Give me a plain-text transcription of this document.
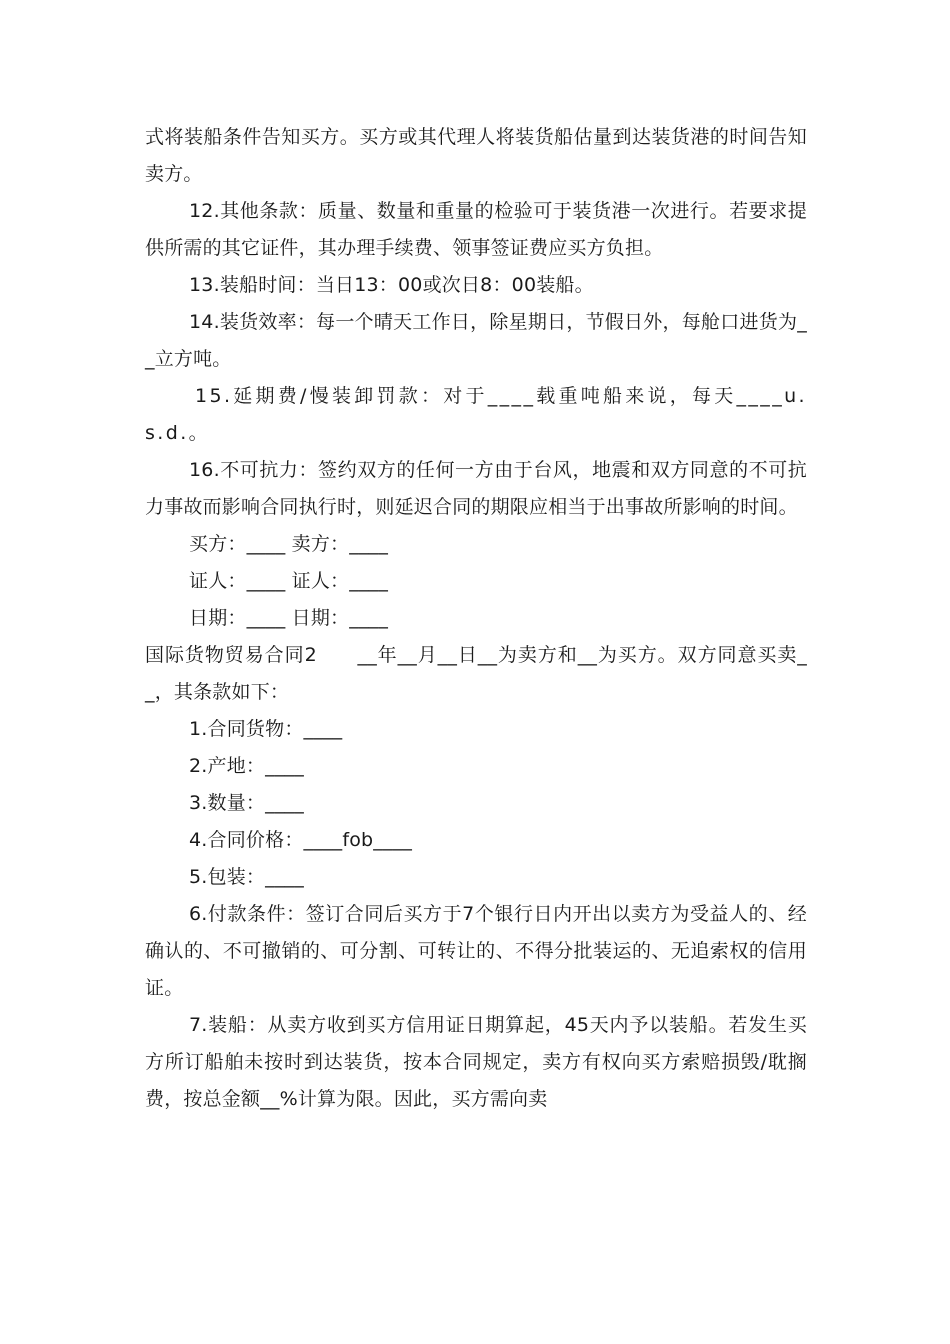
式将装船条件告知买方。买方或其代理人将装货船估量到达装货港的时间告知卖方。

12.其他条款：质量、数量和重量的检验可于装货港一次进行。若要求提供所需的其它证件，其办理手续费、领事签证费应买方负担。

13.装船时间：当日13：00或次日8：00装船。

14.装货效率：每一个晴天工作日，除星期日，节假日外，每舱口进货为__立方吨。

15.延期费/慢装卸罚款：对于____载重吨船来说，每天____u.s.d.。

16.不可抗力：签约双方的任何一方由于台风，地震和双方同意的不可抗力事故而影响合同执行时，则延迟合同的期限应相当于出事故所影响的时间。

买方：____ 卖方：____

证人：____ 证人：____

日期：____ 日期：____

国际货物贸易合同2　　__年__月__日__为卖方和__为买方。双方同意买卖__，其条款如下：

1.合同货物：____

2.产地：____

3.数量：____

4.合同价格：____fob____

5.包装：____

6.付款条件：签订合同后买方于7个银行日内开出以卖方为受益人的、经确认的、不可撤销的、可分割、可转让的、不得分批装运的、无追索权的信用证。

7.装船：从卖方收到买方信用证日期算起，45天内予以装船。若发生买方所订船舶未按时到达装货，按本合同规定，卖方有权向买方索赔损毁/耽搁费，按总金额__%计算为限。因此，买方需向卖
